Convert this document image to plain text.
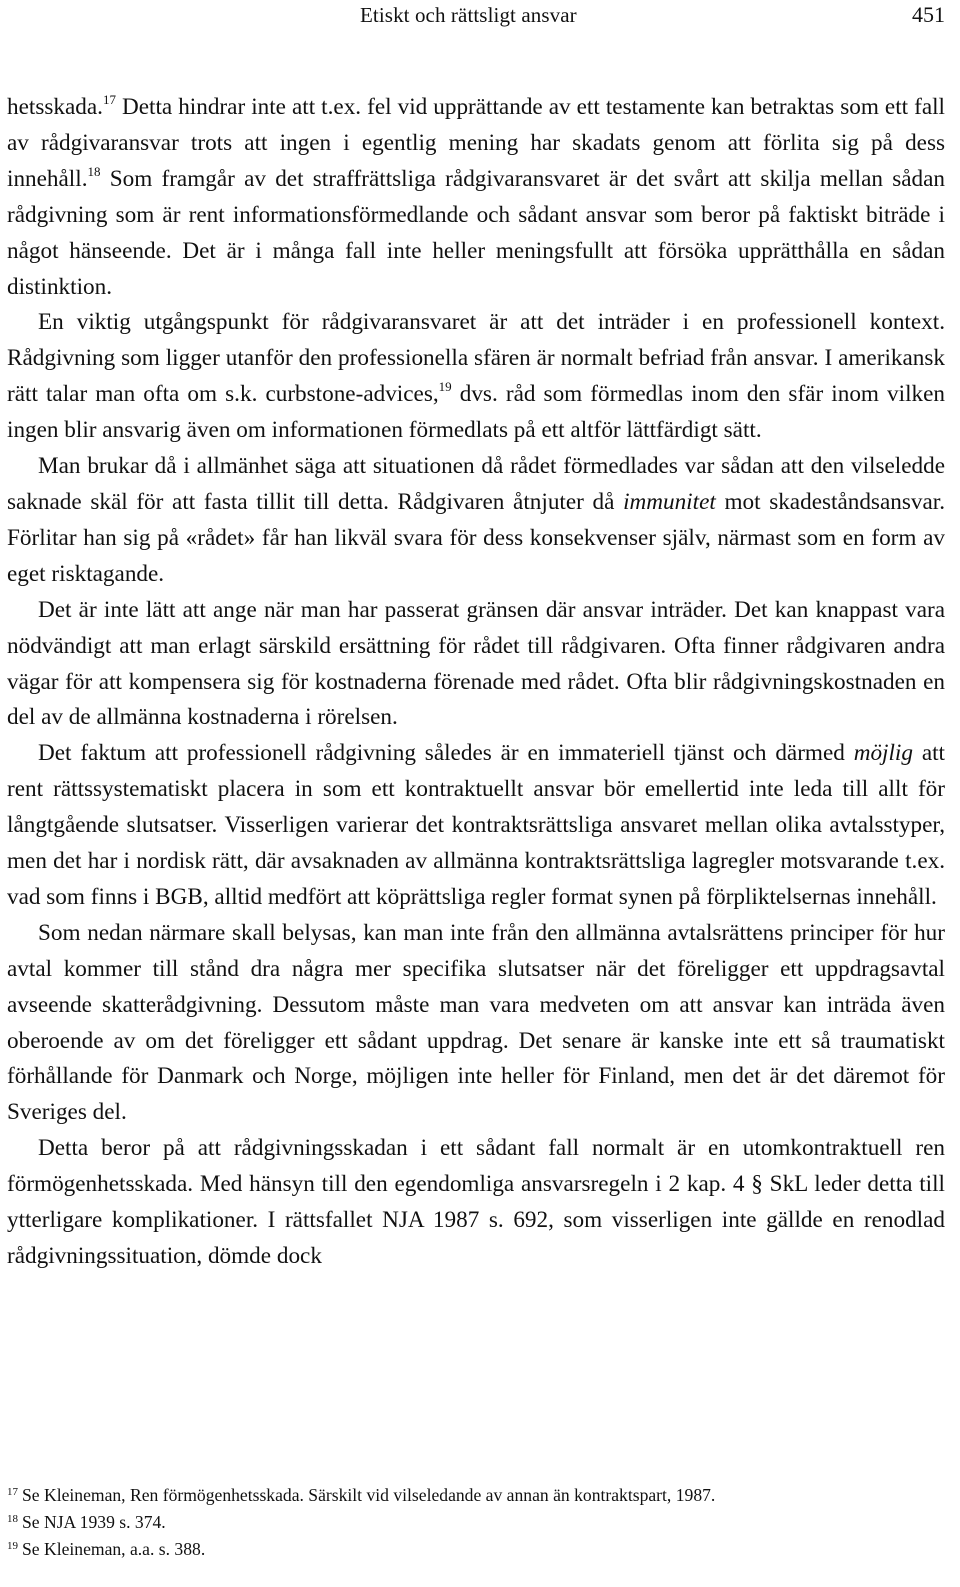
Etiskt och rättsligt ansvar	451

hetsskada.$^{17}$ Detta hindrar inte att t.ex. fel vid upprättande av ett testamente kan betraktas som ett fall av rådgivaransvar trots att ingen i egentlig mening har skadats genom att förlita sig på dess innehåll.$^{18}$ Som framgår av det straffrättsliga rådgivaransvaret är det svårt att skilja mellan sådan rådgivning som är rent informationsförmedlande och sådant ansvar som beror på faktiskt biträde i något hänseende. Det är i många fall inte heller meningsfullt att försöka upprätthålla en sådan distinktion.

En viktig utgångspunkt för rådgivaransvaret är att det inträder i en professionell kontext. Rådgivning som ligger utanför den professionella sfären är normalt befriad från ansvar. I amerikansk rätt talar man ofta om s.k. curbstone-advices,$^{19}$ dvs. råd som förmedlas inom den sfär inom vilken ingen blir ansvarig även om informationen förmedlats på ett altför lättfärdigt sätt.

Man brukar då i allmänhet säga att situationen då rådet förmedlades var sådan att den vilseledde saknade skäl för att fasta tillit till detta. Rådgivaren åtnjuter då immunitet mot skadeståndsansvar. Förlitar han sig på «rådet» får han likväl svara för dess konsekvenser själv, närmast som en form av eget risktagande.

Det är inte lätt att ange när man har passerat gränsen där ansvar inträder. Det kan knappast vara nödvändigt att man erlagt särskild ersättning för rådet till rådgivaren. Ofta finner rådgivaren andra vägar för att kompensera sig för kostnaderna förenade med rådet. Ofta blir rådgivningskostnaden en del av de allmänna kostnaderna i rörelsen.

Det faktum att professionell rådgivning således är en immateriell tjänst och därmed möjlig att rent rättssystematiskt placera in som ett kontraktuellt ansvar bör emellertid inte leda till allt för långtgående slutsatser. Visserligen varierar det kontraktsrättsliga ansvaret mellan olika avtalsstyper, men det har i nordisk rätt, där avsaknaden av allmänna kontraktsrättsliga lagregler motsvarande t.ex. vad som finns i BGB, alltid medfört att köprättsliga regler format synen på förpliktelsernas innehåll.

Som nedan närmare skall belysas, kan man inte från den allmänna avtalsrättens principer för hur avtal kommer till stånd dra några mer specifika slutsatser när det föreligger ett uppdragsavtal avseende skatterådgivning. Dessutom måste man vara medveten om att ansvar kan inträda även oberoende av om det föreligger ett sådant uppdrag. Det senare är kanske inte ett så traumatiskt förhållande för Danmark och Norge, möjligen inte heller för Finland, men det är det däremot för Sveriges del.

Detta beror på att rådgivningsskadan i ett sådant fall normalt är en utomkontraktuell ren förmögenhetsskada. Med hänsyn till den egendomliga ansvarsregeln i 2 kap. 4 § SkL leder detta till ytterligare komplikationer. I rättsfallet NJA 1987 s. 692, som visserligen inte gällde en renodlad rådgivningssituation, dömde dock

$^{17}$ Se Kleineman, Ren förmögenhetsskada. Särskilt vid vilseledande av annan än kontraktspart, 1987.

$^{18}$ Se NJA 1939 s. 374.

$^{19}$ Se Kleineman, a.a. s. 388.
